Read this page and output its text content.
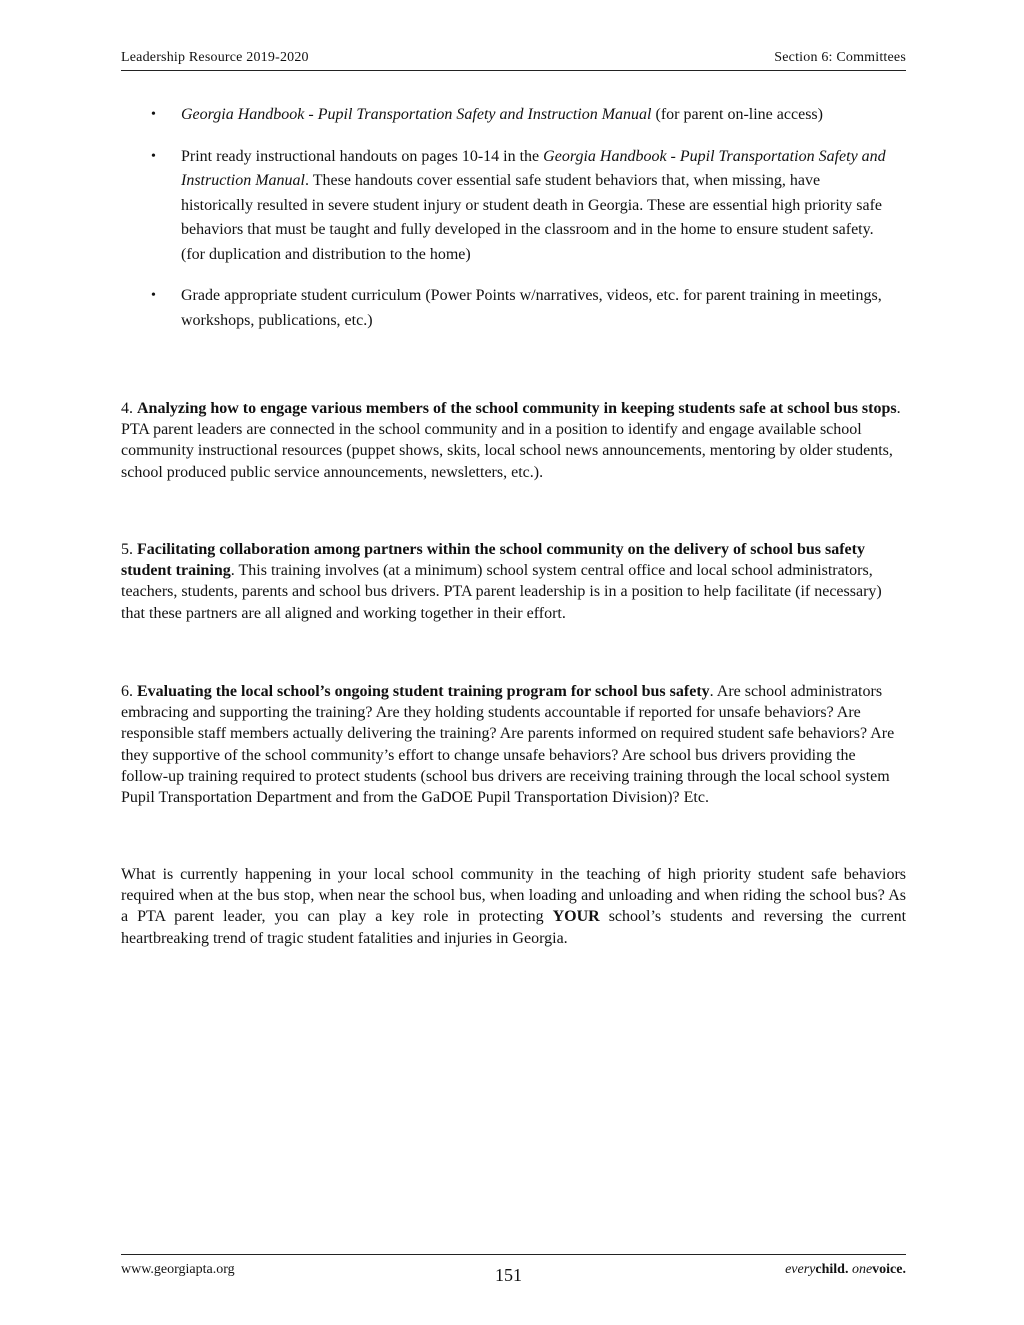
Leadership Resource 2019-2020	Section 6: Committees
• Georgia Handbook - Pupil Transportation Safety and Instruction Manual (for parent on-line access)
• Print ready instructional handouts on pages 10-14 in the Georgia Handbook - Pupil Transportation Safety and Instruction Manual. These handouts cover essential safe student behaviors that, when missing, have historically resulted in severe student injury or student death in Georgia. These are essential high priority safe behaviors that must be taught and fully developed in the classroom and in the home to ensure student safety. (for duplication and distribution to the home)
• Grade appropriate student curriculum (Power Points w/narratives, videos, etc. for parent training in meetings, workshops, publications, etc.)

4. Analyzing how to engage various members of the school community in keeping students safe at school bus stops. PTA parent leaders are connected in the school community and in a position to identify and engage available school community instructional resources (puppet shows, skits, local school news announcements, mentoring by older students, school produced public service announcements, newsletters, etc.).

5. Facilitating collaboration among partners within the school community on the delivery of school bus safety student training. This training involves (at a minimum) school system central office and local school administrators, teachers, students, parents and school bus drivers. PTA parent leadership is in a position to help facilitate (if necessary) that these partners are all aligned and working together in their effort.

6. Evaluating the local school’s ongoing student training program for school bus safety. Are school administrators embracing and supporting the training? Are they holding students accountable if reported for unsafe behaviors? Are responsible staff members actually delivering the training? Are parents informed on required student safe behaviors? Are they supportive of the school community’s effort to change unsafe behaviors? Are school bus drivers providing the follow-up training required to protect students (school bus drivers are receiving training through the local school system Pupil Transportation Department and from the GaDOE Pupil Transportation Division)? Etc.

What is currently happening in your local school community in the teaching of high priority student safe behaviors required when at the bus stop, when near the school bus, when loading and unloading and when riding the school bus? As a PTA parent leader, you can play a key role in protecting YOUR school’s students and reversing the current heartbreaking trend of tragic student fatalities and injuries in Georgia.

www.georgiapta.org	151	everychild. onevoice.
